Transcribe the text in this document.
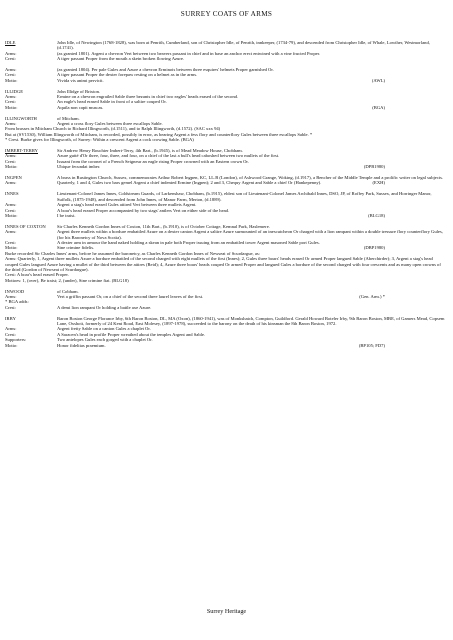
SURREY COATS OF ARMS
IDLE	John Idle, of Newington (1768-1828), was born at Penrith, Cumberland, son of Christopher Idle, of Penrith, innkeeper, (1734-79), and descended from Christopher Idle, of Whale, Lowther, Westmorland, (d.1741).
Arms:	(as granted 1801). Argent a chevron Vert between two beavers passant in chief and in base an anchor erect entwined with a vine fructed Proper.
Crest:	A tiger passant Proper from the mouth a skein broken flowing Azure.
Arms:	(as granted 1804). Per pale Gules and Azure a chevron Erminois between three esquires' helmets Proper garnished Or.
Crest:	A tiger passant Proper the dexter forepaw resting on a helmet as in the arms.
Motto:	Vivida vis animi pervicit.	(AWL)
ILLIDGE	John Illidge of Brixton.
Arms:	Ermine on a chevron engrailed Sable three bezants in chief two eagles' heads erased of the second.
Crest:	An eagle's head erased Sable in front of a saltire couped Or.
Motto:	Aquila non capit muscas.	(BGA)
ILLINGWORTH	of Mitcham.
Arms:	Argent a cross flory Gules between three escallops Sable.
From brasses in Mitcham Church to Richard Illingworth, (d.1511), and to Ralph Illingworth, (d.1572). (SAC xxx 94)
But at (SV1530), William Illingworth of Mitcham, is recorded, possibly in error, as bearing Argent a fess flory and counterflory Gules between three escallops Sable. *
* Crest. Burke gives for Illingworth, of Surrey: Within a crescent Argent a cock crowing Sable. (BGA)
IMBERT-TERRY	Sir Andrew Henry Bouchier Imbert-Terry, 4th Bart., (b.1945), is of Mead Meadow House, Chobham.
Arms:	Azure gutté d'Or three, four, three, and four, on a chief of the last a bull's head caboshed between two mullets of the first.
Crest:	Issuant from the coronet of a French Seigneur an eagle rising Proper crowned with an Eastern crown Or.
Motto:	Ubique fecundat imber.	(DPB1980)
INGPEN	A brass in Rustington Church, Sussex, commemorates Arthur Robert Ingpen, KC, LL.B (London), of Ashwood Grange, Woking, (d.1917), a Bencher of the Middle Temple and a prolific writer on legal subjects.
Arms:	Quarterly, 1 and 4, Gules two bars gemel Argent a chief indented Ermine (Ingpen); 2 and 3, Chequy Argent and Sable a chief Or (Hankepenny).	(EXH)
INNES	Lieutenant-Colonel James Innes, Coldstream Guards, of Larkenshaw, Chobham, (b.1915), eldest son of Lieutenant-Colonel James Archibald Innes, DSO, JP, of Roffey Park, Sussex, and Horringer Manor, Suffolk, (1875-1948), and descended from John Innes, of Manor Farm, Merton, (d.1889).
Arms:	Argent a stag's head erased Gules attired Vert between three mullets Argent.
Crest:	A boar's head erased Proper accompanied by two stags' antlers Vert on either side of the head.
Motto:	I be traist.	(BLG18)
INNES OF COXTON	Sir Charles Kenneth Gordon Innes of Coxton, 11th Bart., (b.1910), is of October Cottage, Kemnal Park, Haslemere.
Arms:	Argent three mullets within a bordure embattled Azure on a dexter canton Argent a saltire Azure surmounted of an inescutcheon Or charged with a lion rampant within a double tressure flory counterflory Gules, (for his Baronetcy of Nova Scotia).
Crest:	A dexter arm in armour the hand naked holding a skean in pale both Proper issuing from an embattled tower Argent masoned Sable port Gules.
Motto:	Sine crimine fidelis.	(DBP1980)
Burke recorded Sir Charles Innes' arms, before he assumed the baronetcy, as Charles Kenneth Gordon Innes of Newseat of Scurdargue, as:
Arms: Quarterly, 1, Argent three mullets Azure a bordure embattled of the second charged with eight mullets of the first (Innes); 2, Gules three boars' heads erased Or armed Proper langued Sable (Aberchirder); 3, Argent a stag's head couped Gules langued Azure having a mullet of the third between the attires (Reid); 4, Azure three boars' heads couped Or armed Proper and langued Gules a bordure of the second charged with four crescents and as many open crowns of the third (Gordon of Newseat of Scurdargue).
Crest: A boar's head erased Proper.
Mottoes: 1, (over), Be traist; 2, (under), Sine crimine fiat. (BLG18)
INWOOD	of Cobham.
Arms:	Vert a griffin passant Or, on a chief of the second three laurel leaves of the first.	(Gen. Arm.) *
* BGA adds:
Crest:	A demi lion rampant Or holding a battle axe Azure.
IRBY	Baron Boston George Florance Irby, 6th Baron Boston, DL, MA (Oxon), (1860-1941), was of Monkshatch, Compton, Guildford. Gerald Howard Boteler Irby, 9th Baron Boston, MBE, of Gamers Mead, Copsem Lane, Oxshott, formerly of 24 Kent Road, East Molesey, (1897-1978), succeeded to the barony on the death of his kinsman the 8th Baron Boston, 1972.
Arms:	Argent fretty Sable on a canton Gules a chaplet Or.
Crest:	A Saracen's head in profile Proper wreathed about the temples Argent and Sable.
Supporters:	Two antelopes Gules each gorged with a chaplet Or.
Motto:	Honor fidelitas praemium.	(BP105; FD7)
Surrey Heritage
